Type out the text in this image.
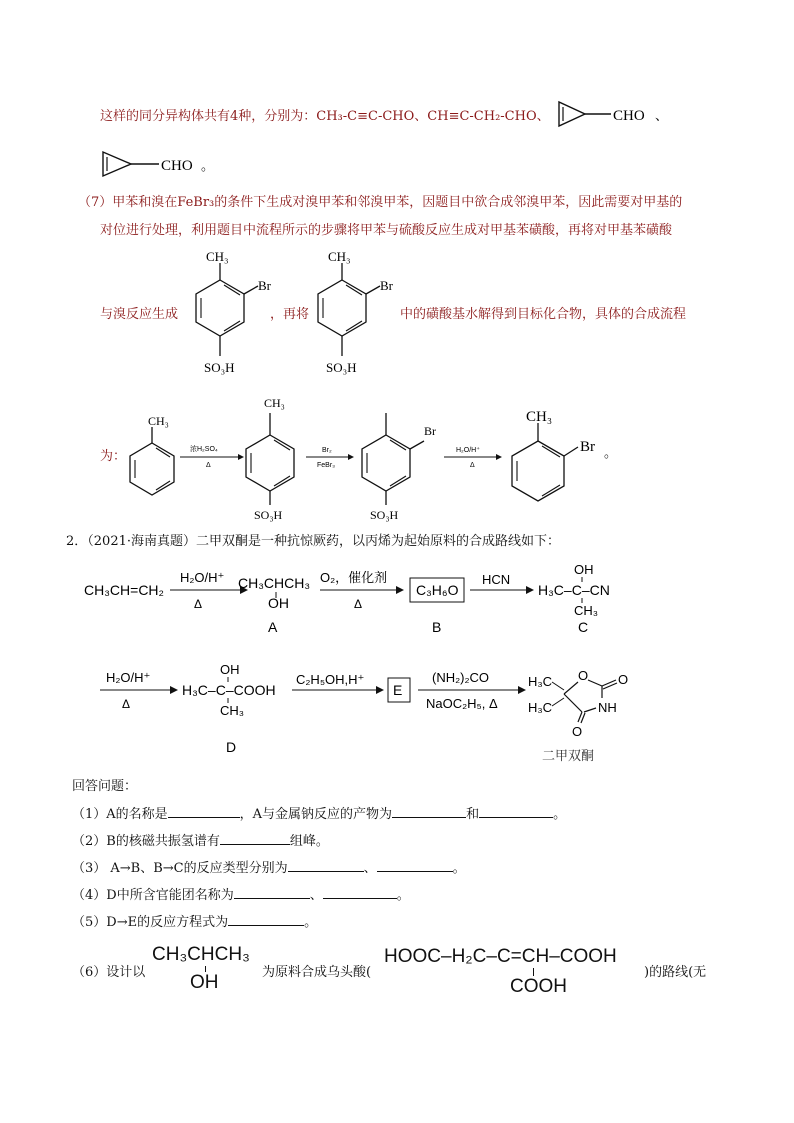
这样的同分异构体共有4种，分别为：CH₃-C≡C-CHO、CH≡C-CH₂-CHO、	CHO 、
CHO 。
（7）甲苯和溴在FeBr₃的条件下生成对溴甲苯和邻溴甲苯，因题目中欲合成邻溴甲苯，因此需要对甲基的
对位进行处理，利用题目中流程所示的步骤将甲苯与硫酸反应生成对甲基苯磺酸，再将对甲基苯磺酸
与溴反应生成
CH₃
Br
SO₃H
，再将
CH₃
Br
SO₃H
中的磺酸基水解得到目标化合物，具体的合成流程
为：
CH₃
浓H₂SO₄
Δ
CH₃
SO₃H
Br₂
FeBr₃
Br
SO₃H
H₂O/H⁺
Δ
CH₃
Br 。
2．（2021·海南真题）二甲双酮是一种抗惊厥药，以丙烯为起始原料的合成路线如下：
CH₃CH=CH₂
H₂O/H⁺
Δ
CH₃CHCH₃
OH
A
O₂，催化剂
Δ
C₃H₆O
B
HCN
OH
H₃C–C–CN
CH₃
C
H₂O/H⁺
Δ
OH
H₃C–C–COOH
CH₃
D
C₂H₅OH,H⁺
E
(NH₂)₂CO
NaOC₂H₅, Δ
H₃C
H₃C
O O
O
NH
二甲双酮
回答问题：
（1）A的名称是	，A与金属钠反应的产物为	和	。
（2）B的核磁共振氢谱有	组峰。
（3） A→B、B→C的反应类型分别为	、	。
（4）D中所含官能团名称为	、	。
（5）D→E的反应方程式为	。
（6）设计以
CH₃CHCH₃
OH	为原料合成乌头酸(
HOOC–H₂C–C=CH–COOH
COOH
)的路线(无
